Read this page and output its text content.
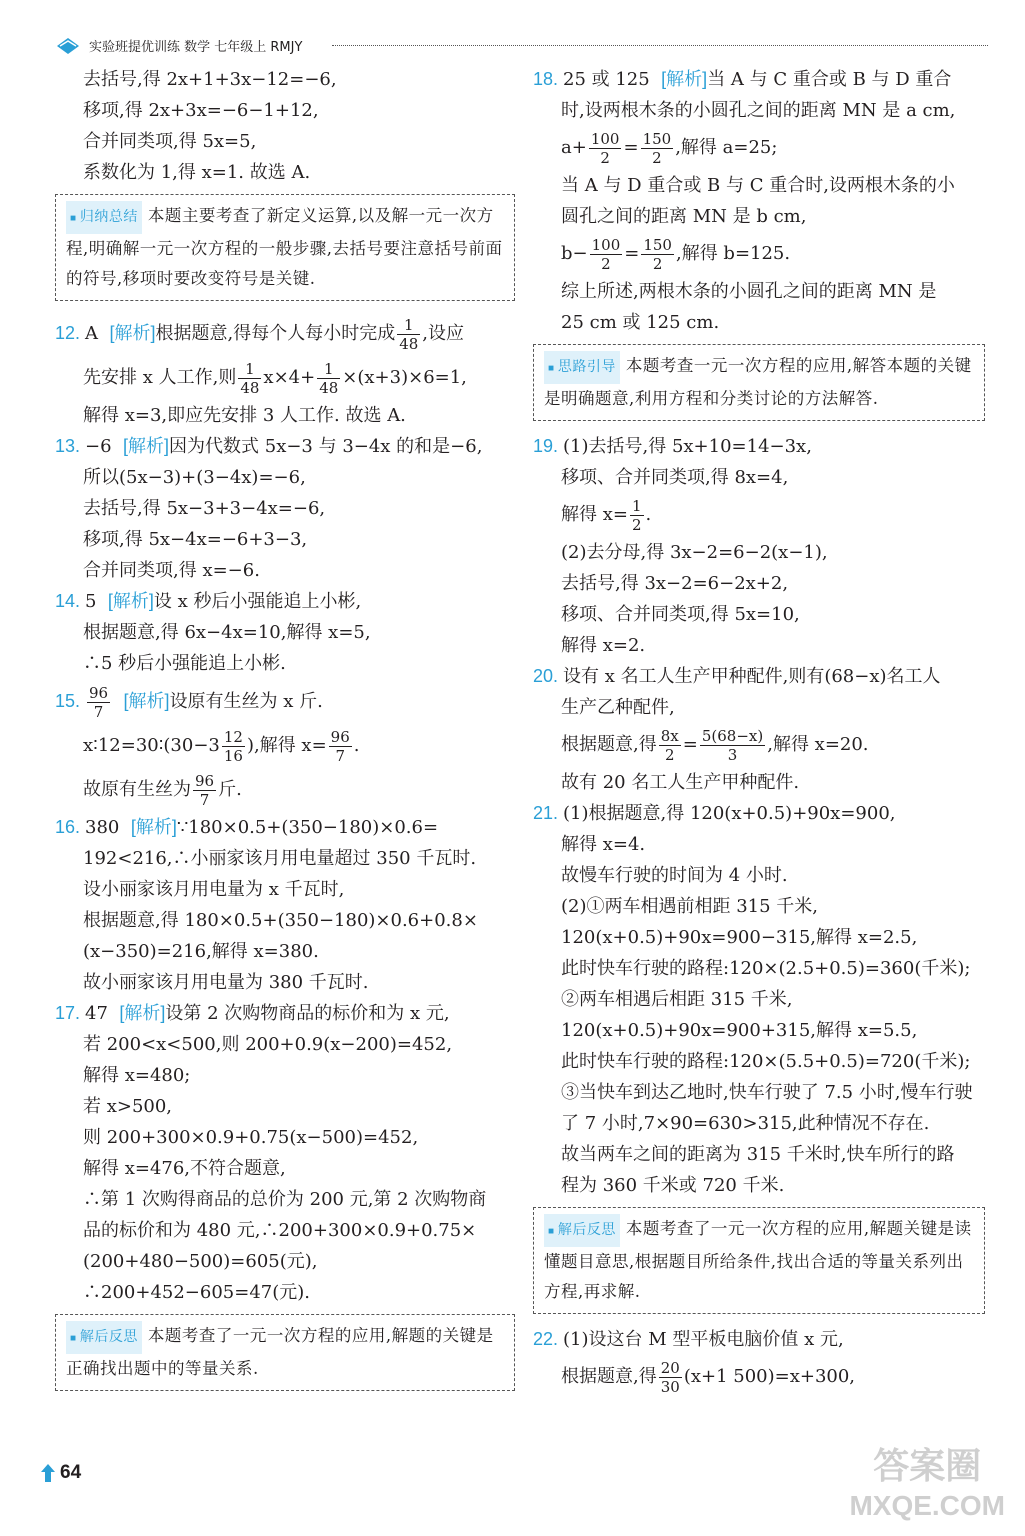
实验班提优训练 数学 七年级上 RMJY
去括号,得 2x+1+3x−12=−6,
移项,得 2x+3x=−6−1+12,
合并同类项,得 5x=5,
系数化为 1,得 x=1. 故选 A.
■ 归纳总结 本题主要考查了新定义运算,以及解一元一次方程,明确解一元一次方程的一般步骤,去括号要注意括号前面的符号,移项时要改变符号是关键.
12. A [解析]根据题意,得每个人每小时完成 $\frac{1}{48}$ ,设应
先安排 x 人工作,则 $\frac{1}{48} x\times 4+ \frac{1}{48} \times(x+3)\times 6=1$,
解得 x=3,即应先安排 3 人工作. 故选 A.
13. −6 [解析]因为代数式 5x−3 与 3−4x 的和是−6,
所以(5x−3)+(3−4x)=−6,
去括号,得 5x−3+3−4x=−6,
移项,得 5x−4x=−6+3−3,
合并同类项,得 x=−6.
14. 5 [解析]设 x 秒后小强能追上小彬,
根据题意,得 6x−4x=10,解得 x=5,
∴5 秒后小强能追上小彬.
15. $\frac{96}{7}$ [解析]设原有生丝为 x 斤.
x∶12=30∶(30−3 $\frac{12}{16}$ ),解得 $x= \frac{96}{7}$ .
故原有生丝为 $\frac{96}{7}$ 斤.
16. 380 [解析]∵180×0.5+(350−180)×0.6=
192<216,∴小丽家该月用电量超过 350 千瓦时.
设小丽家该月用电量为 x 千瓦时,
根据题意,得 180×0.5+(350−180)×0.6+0.8×
(x−350)=216,解得 x=380.
故小丽家该月用电量为 380 千瓦时.
17. 47 [解析]设第 2 次购物商品的标价和为 x 元,
若 200<x<500,则 200+0.9(x−200)=452,
解得 x=480;
若 x>500,
则 200+300×0.9+0.75(x−500)=452,
解得 x=476,不符合题意,
∴第 1 次购得商品的总价为 200 元,第 2 次购物商
品的标价和为 480 元,∴200+300×0.9+0.75×
(200+480−500)=605(元),
∴200+452−605=47(元).
■ 解后反思 本题考查了一元一次方程的应用,解题的关键是正确找出题中的等量关系.
18. 25 或 125 [解析]当 A 与 C 重合或 B 与 D 重合
时,设两根木条的小圆孔之间的距离 MN 是 a cm,
$a+ \frac{100}{2} = \frac{150}{2}$ ,解得 a=25;
当 A 与 D 重合或 B 与 C 重合时,设两根木条的小
圆孔之间的距离 MN 是 b cm,
$b- \frac{100}{2} = \frac{150}{2}$ ,解得 b=125.
综上所述,两根木条的小圆孔之间的距离 MN 是
25 cm 或 125 cm.
■ 思路引导 本题考查一元一次方程的应用,解答本题的关键是明确题意,利用方程和分类讨论的方法解答.
19. (1)去括号,得 5x+10=14−3x,
移项、合并同类项,得 8x=4,
解得 $x= \frac{1}{2}$ .
(2)去分母,得 3x−2=6−2(x−1),
去括号,得 3x−2=6−2x+2,
移项、合并同类项,得 5x=10,
解得 x=2.
20. 设有 x 名工人生产甲种配件,则有(68−x)名工人
生产乙种配件,
根据题意,得 $\frac{8x}{2} = \frac{5(68-x)}{3}$ ,解得 x=20.
故有 20 名工人生产甲种配件.
21. (1)根据题意,得 120(x+0.5)+90x=900,
解得 x=4.
故慢车行驶的时间为 4 小时.
(2)①两车相遇前相距 315 千米,
120(x+0.5)+90x=900−315,解得 x=2.5,
此时快车行驶的路程:120×(2.5+0.5)=360(千米);
②两车相遇后相距 315 千米,
120(x+0.5)+90x=900+315,解得 x=5.5,
此时快车行驶的路程:120×(5.5+0.5)=720(千米);
③当快车到达乙地时,快车行驶了 7.5 小时,慢车行驶
了 7 小时,7×90=630>315,此种情况不存在.
故当两车之间的距离为 315 千米时,快车所行的路
程为 360 千米或 720 千米.
■ 解后反思 本题考查了一元一次方程的应用,解题关键是读懂题目意思,根据题目所给条件,找出合适的等量关系列出方程,再求解.
22. (1)设这台 M 型平板电脑价值 x 元,
根据题意,得 $\frac{20}{30} (x+1$ 500)=x+300,
64	答案圈
MXQE.COM
